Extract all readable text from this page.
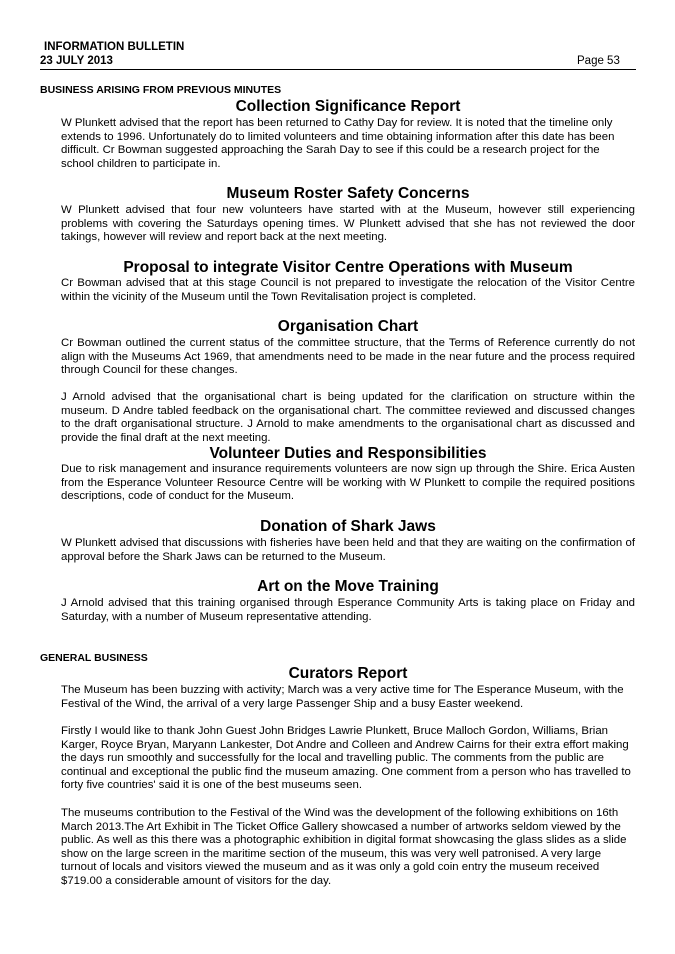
INFORMATION BULLETIN
23 JULY 2013	Page 53
BUSINESS ARISING FROM PREVIOUS MINUTES
Collection Significance Report

W Plunkett advised that the report has been returned to Cathy Day for review. It is noted that the timeline only extends to 1996. Unfortunately do to limited volunteers and time obtaining information after this date has been difficult. Cr Bowman suggested approaching the Sarah Day to see if this could be a research project for the school children to participate in.

Museum Roster Safety Concerns

W Plunkett advised that four new volunteers have started with at the Museum, however still experiencing problems with covering the Saturdays opening times. W Plunkett advised that she has not reviewed the door takings, however will review and report back at the next meeting.

Proposal to integrate Visitor Centre Operations with Museum

Cr Bowman advised that at this stage Council is not prepared to investigate the relocation of the Visitor Centre within the vicinity of the Museum until the Town Revitalisation project is completed.

Organisation Chart

Cr Bowman outlined the current status of the committee structure, that the Terms of Reference currently do not align with the Museums Act 1969, that amendments need to be made in the near future and the process required through Council for these changes.

J Arnold advised that the organisational chart is being updated for the clarification on structure within the museum. D Andre tabled feedback on the organisational chart. The committee reviewed and discussed changes to the draft organisational structure. J Arnold to make amendments to the organisational chart as discussed and provide the final draft at the next meeting.

Volunteer Duties and Responsibilities

Due to risk management and insurance requirements volunteers are now sign up through the Shire. Erica Austen from the Esperance Volunteer Resource Centre will be working with W Plunkett to compile the required positions descriptions, code of conduct for the Museum.

Donation of Shark Jaws

W Plunkett advised that discussions with fisheries have been held and that they are waiting on the confirmation of approval before the Shark Jaws can be returned to the Museum.

Art on the Move Training

J Arnold advised that this training organised through Esperance Community Arts is taking place on Friday and Saturday, with a number of Museum representative attending.

GENERAL BUSINESS
Curators Report

The Museum has been buzzing with activity; March was a very active time for The Esperance Museum, with the Festival of the Wind, the arrival of a very large Passenger Ship and a busy Easter weekend.

Firstly I would like to thank John Guest John Bridges Lawrie Plunkett, Bruce Malloch Gordon, Williams, Brian Karger, Royce Bryan, Maryann Lankester, Dot Andre and Colleen and Andrew Cairns for their extra effort making the days run smoothly and successfully for the local and travelling public. The comments from the public are continual and exceptional the public find the museum amazing. One comment from a person who has travelled to forty five countries' said it is one of the best museums seen.

The museums contribution to the Festival of the Wind was the development of the following exhibitions on 16th March 2013.The Art Exhibit in The Ticket Office Gallery showcased a number of artworks seldom viewed by the public. As well as this there was a photographic exhibition in digital format showcasing the glass slides as a slide show on the large screen in the maritime section of the museum, this was very well patronised. A very large turnout of locals and visitors viewed the museum and as it was only a gold coin entry the museum received $719.00 a considerable amount of visitors for the day.
